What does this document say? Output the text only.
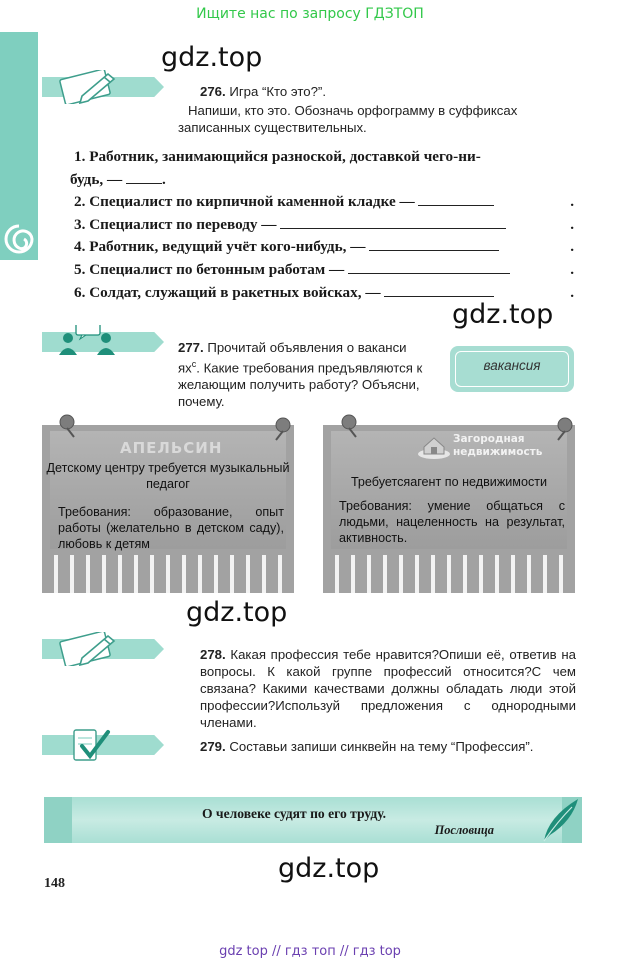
Ищите нас по запросу ГДЗТОП
gdz.top
gdz.top
gdz.top
gdz.top
276. Игра “Кто это?”.
Напиши, кто это. Обозначь орфограмму в суффиксах записанных существительных.
1. Работник, занимающийся разноской, доставкой чего-ни-
будь, —	.
2. Специалист по кирпичной каменной кладке —	.
3. Специалист по переводу —	.
4. Работник, ведущий учёт кого-нибудь, —	.
5. Специалист по бетонным работам —	.
6. Солдат, служащий в ракетных войсках, —	.
277. Прочитай объявления о ваканси
$ях^с$. Какие требования предъявляются к желающим получить работу? Объясни, почему.
вакансия
АПЕЛЬСИН
Детскому центру требуется музыкальный педагог
Требования: образование, опыт работы (желательно в детском саду), любовь к детям
Загородная
недвижимость
Требуетсяагент по недвижимости
Требования: умение общаться с людьми, нацеленность на результат, активность.
278. Какая профессия тебе нравится?Опиши её, ответив на вопросы. К какой группе профессий относится?С чем связана? Какими качествами должны обладать люди этой профессии?Используй предложения с однородными членами.
279. Составьи запиши синквейн на тему “Профессия”.
О человеке судят по его труду.
Пословица
148
gdz top // гдз топ // гдз top
